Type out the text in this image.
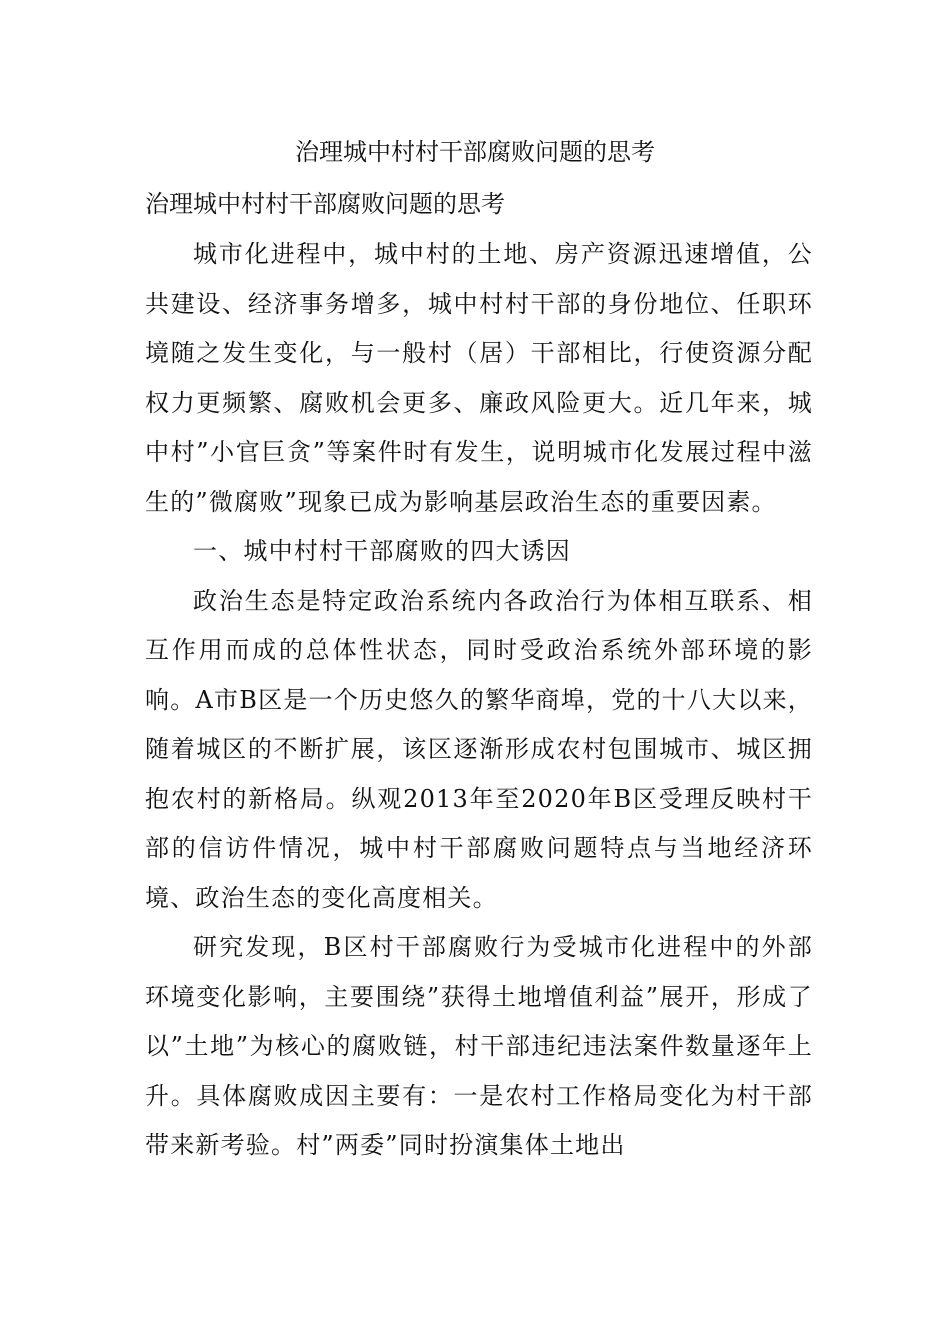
治理城中村村干部腐败问题的思考
治理城中村村干部腐败问题的思考

城市化进程中，城中村的土地、房产资源迅速增值，公共建设、经济事务增多，城中村村干部的身份地位、任职环境随之发生变化，与一般村（居）干部相比，行使资源分配权力更频繁、腐败机会更多、廉政风险更大。近几年来，城中村”小官巨贪”等案件时有发生，说明城市化发展过程中滋生的”微腐败”现象已成为影响基层政治生态的重要因素。

一、城中村村干部腐败的四大诱因

政治生态是特定政治系统内各政治行为体相互联系、相互作用而成的总体性状态，同时受政治系统外部环境的影响。A市B区是一个历史悠久的繁华商埠，党的十八大以来，随着城区的不断扩展，该区逐渐形成农村包围城市、城区拥抱农村的新格局。纵观2013年至2020年B区受理反映村干部的信访件情况，城中村干部腐败问题特点与当地经济环境、政治生态的变化高度相关。

研究发现，B区村干部腐败行为受城市化进程中的外部环境变化影响，主要围绕”获得土地增值利益”展开，形成了以”土地”为核心的腐败链，村干部违纪违法案件数量逐年上升。具体腐败成因主要有：一是农村工作格局变化为村干部带来新考验。村”两委”同时扮演集体土地出
